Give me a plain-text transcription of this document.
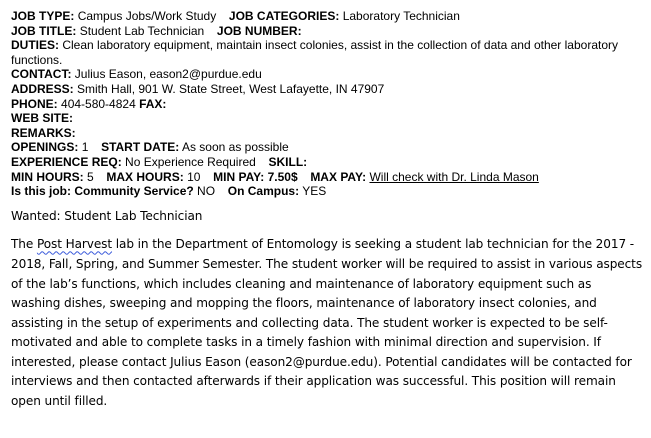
JOB TYPE: Campus Jobs/Work Study JOB CATEGORIES: Laboratory Technician
JOB TITLE: Student Lab Technician JOB NUMBER:
DUTIES: Clean laboratory equipment, maintain insect colonies, assist in the collection of data and other laboratory functions.
CONTACT: Julius Eason, eason2@purdue.edu
ADDRESS: Smith Hall, 901 W. State Street, West Lafayette, IN 47907
PHONE: 404-580-4824 FAX:
WEB SITE:
REMARKS:
OPENINGS: 1 START DATE: As soon as possible
EXPERIENCE REQ: No Experience Required SKILL:
MIN HOURS: 5 MAX HOURS: 10 MIN PAY: 7.50$ MAX PAY: Will check with Dr. Linda Mason
Is this job: Community Service? NO On Campus: YES
Wanted: Student Lab Technician
The Post Harvest lab in the Department of Entomology is seeking a student lab technician for the 2017 - 2018, Fall, Spring, and Summer Semester. The student worker will be required to assist in various aspects of the lab’s functions, which includes cleaning and maintenance of laboratory equipment such as washing dishes, sweeping and mopping the floors, maintenance of laboratory insect colonies, and assisting in the setup of experiments and collecting data. The student worker is expected to be self-motivated and able to complete tasks in a timely fashion with minimal direction and supervision. If interested, please contact Julius Eason (eason2@purdue.edu). Potential candidates will be contacted for interviews and then contacted afterwards if their application was successful. This position will remain open until filled.
